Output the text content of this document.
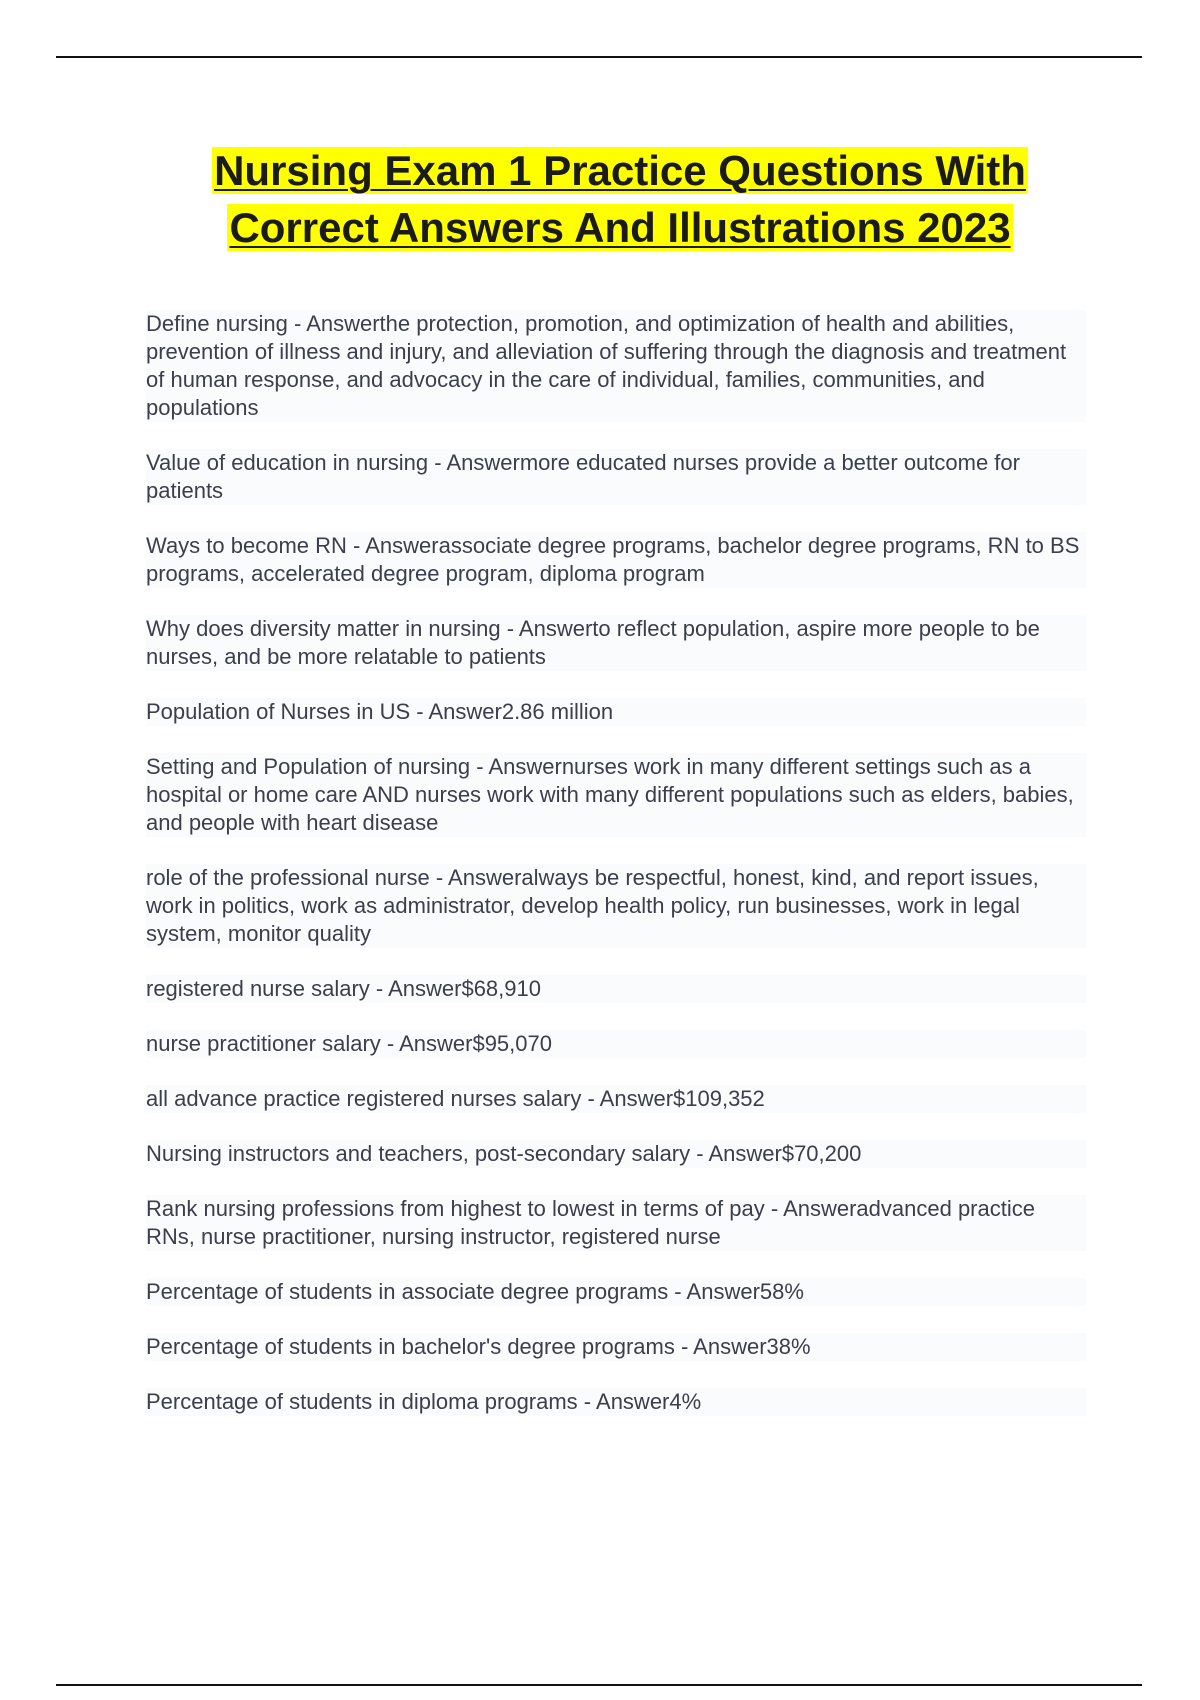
Nursing Exam 1 Practice Questions With
Correct Answers And Illustrations 2023

Define nursing - Answerthe protection, promotion, and optimization of health and abilities, prevention of illness and injury, and alleviation of suffering through the diagnosis and treatment of human response, and advocacy in the care of individual, families, communities, and populations

Value of education in nursing - Answermore educated nurses provide a better outcome for patients

Ways to become RN - Answerassociate degree programs, bachelor degree programs, RN to BS programs, accelerated degree program, diploma program

Why does diversity matter in nursing - Answerto reflect population, aspire more people to be nurses, and be more relatable to patients

Population of Nurses in US - Answer2.86 million

Setting and Population of nursing - Answernurses work in many different settings such as a hospital or home care AND nurses work with many different populations such as elders, babies, and people with heart disease

role of the professional nurse - Answeralways be respectful, honest, kind, and report issues, work in politics, work as administrator, develop health policy, run businesses, work in legal system, monitor quality

registered nurse salary - Answer$68,910

nurse practitioner salary - Answer$95,070

all advance practice registered nurses salary - Answer$109,352

Nursing instructors and teachers, post-secondary salary - Answer$70,200

Rank nursing professions from highest to lowest in terms of pay - Answeradvanced practice RNs, nurse practitioner, nursing instructor, registered nurse

Percentage of students in associate degree programs - Answer58%

Percentage of students in bachelor's degree programs - Answer38%

Percentage of students in diploma programs - Answer4%
